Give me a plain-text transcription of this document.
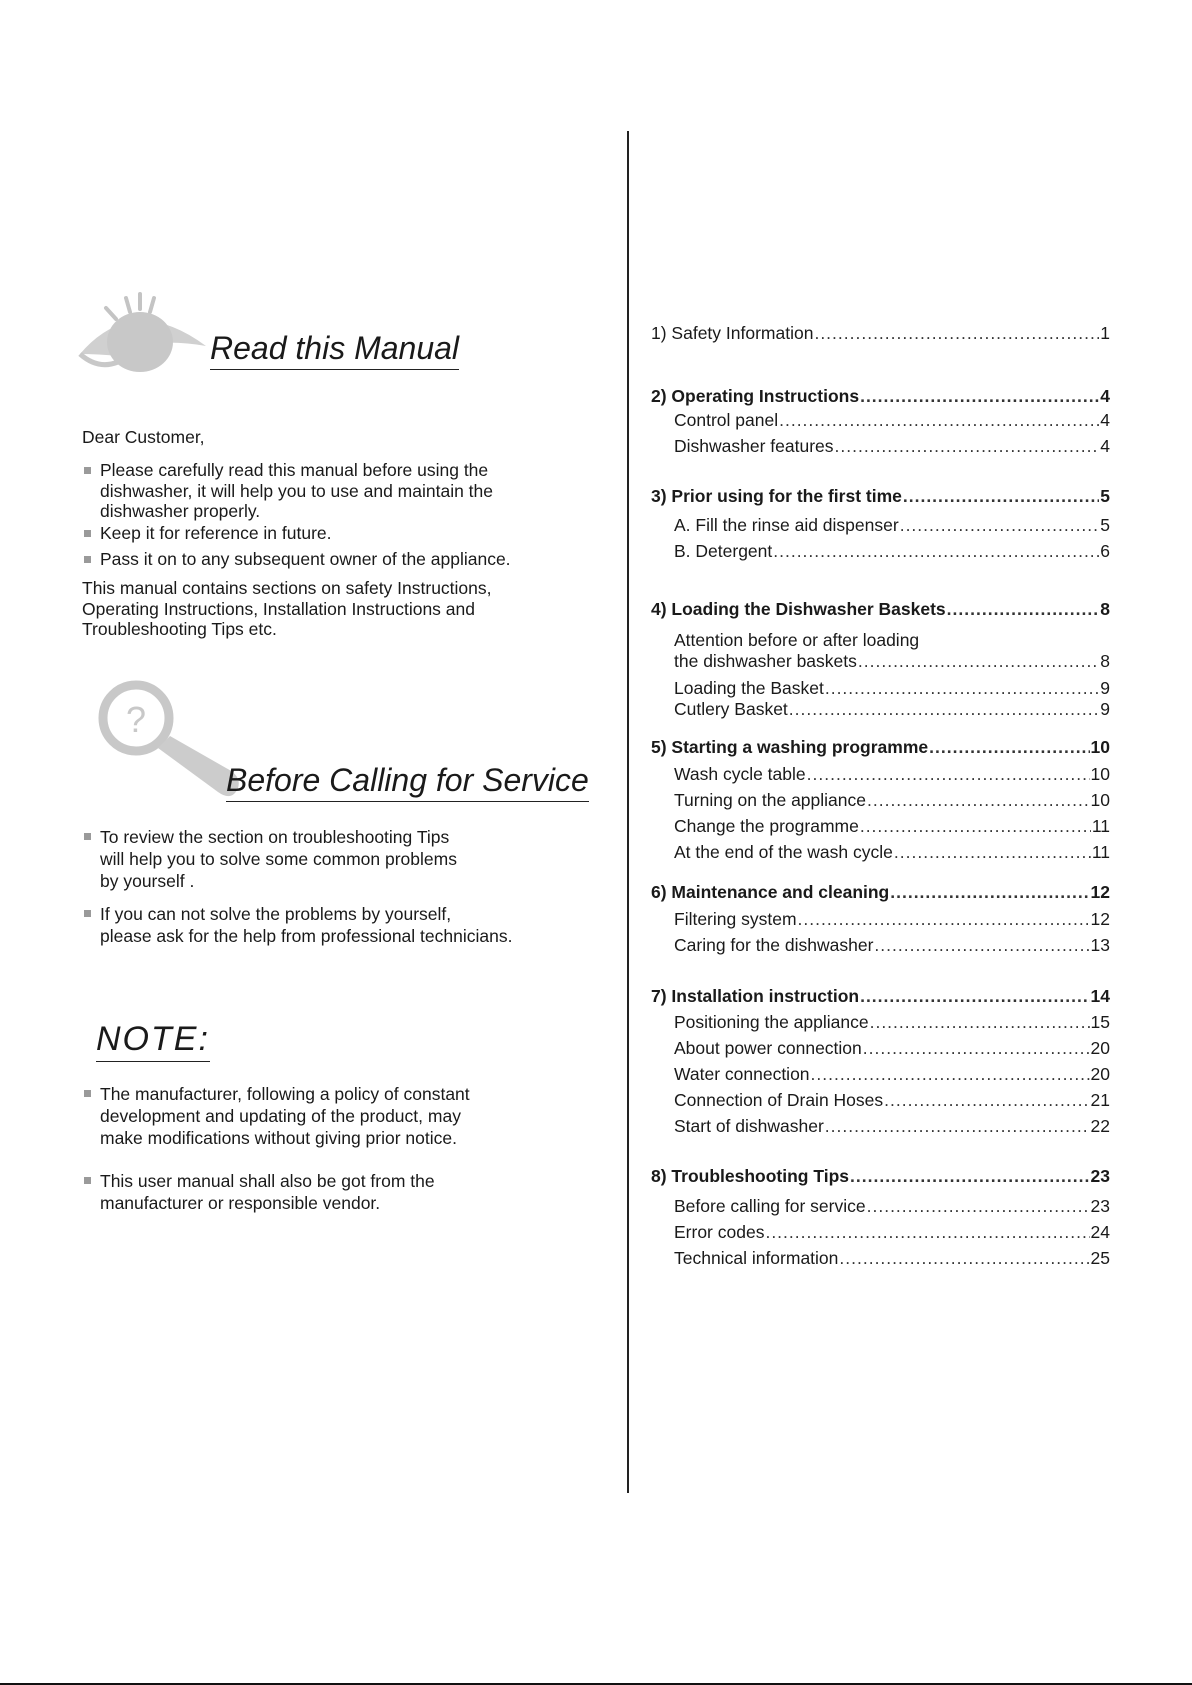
Read this Manual
Dear Customer,
Please carefully read this manual before using the
dishwasher, it will help you to use and maintain the
dishwasher properly.
Keep it for reference in future.
Pass it on to any subsequent owner of the appliance.
This manual contains sections on safety Instructions,
Operating Instructions, Installation Instructions and
Troubleshooting Tips etc.
?
Before Calling for Service
To review the section on troubleshooting Tips
will help you to solve some common problems
by yourself .
If you can not solve the problems by yourself,
please ask for the help from professional technicians.
NOTE:
The manufacturer, following a policy of constant
development and updating of the product, may
make modifications without giving prior notice.
This user manual shall also be got from the
manufacturer or responsible vendor.
1) Safety Information .....	1
2) Operating Instructions .....	4
Control panel .....	4
Dishwasher features .....	4
3) Prior using for the first time .....	5
A. Fill the rinse aid dispenser .....	5
B. Detergent .....	6
4) Loading the Dishwasher Baskets .....	8
Attention before or after loading
the dishwasher baskets .....	8
Loading the Basket .....	9
Cutlery Basket .....	9
5) Starting a washing programme .....	10
Wash cycle table .....	10
Turning on the appliance .....	10
Change the programme .....	11
At the end of the wash cycle .....	11
6) Maintenance and cleaning .....	12
Filtering system .....	12
Caring for the dishwasher .....	13
7) Installation instruction .....	14
Positioning the appliance .....	15
About power connection .....	20
Water connection .....	20
Connection of Drain Hoses .....	21
Start of dishwasher .....	22
8) Troubleshooting Tips .....	23
Before calling for service .....	23
Error codes .....	24
Technical information .....	25
